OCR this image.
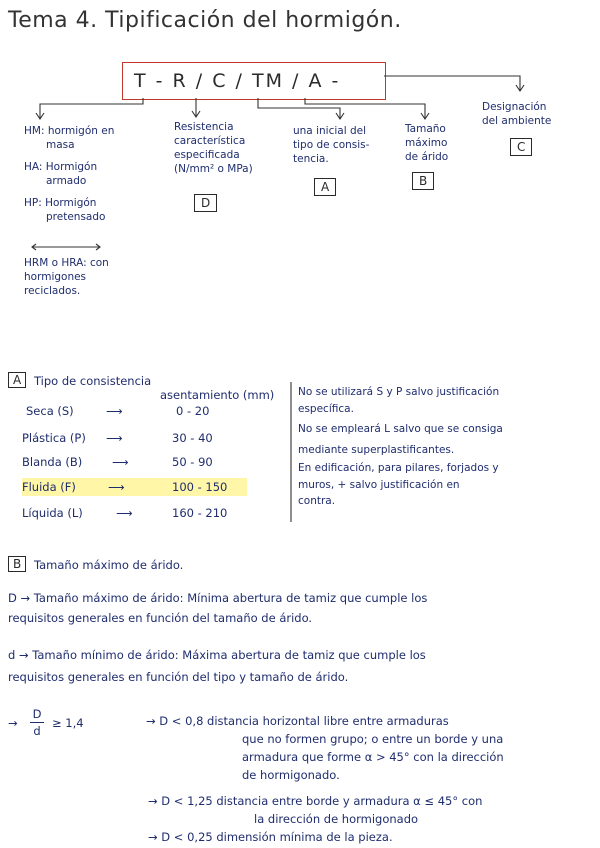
Tema 4. Tipificación del hormigón.
T - R / C / TM / A -
HM: hormigón en
masa
HA: Hormigón
armado
HP: Hormigón
pretensado
HRM o HRA: con
hormigones
reciclados.
Resistencia
característica
especificada
(N/mm² o MPa)
D
una inicial del
tipo de consis-
tencia.
A
Tamaño
máximo
de árido
B
Designación
del ambiente
C
A	Tipo de consistencia
asentamiento (mm)
Seca (S)	⟶	0 - 20
Plástica (P) ⟶	30 - 40
Blanda (B)	⟶	50 - 90
Fluida (F)	⟶	100 - 150
Líquida (L)	⟶	160 - 210
No se utilizará S y P salvo justificación
específica.
No se empleará L salvo que se consiga
mediante superplastificantes.
En edificación, para pilares, forjados y
muros, + salvo justificación en
contra.
B	Tamaño máximo de árido.
D → Tamaño máximo de árido: Mínima abertura de tamiz que cumple los
requisitos generales en función del tamaño de árido.
d → Tamaño mínimo de árido: Máxima abertura de tamiz que cumple los
requisitos generales en función del tipo y tamaño de árido.
→ $\frac{D}{d} \ge 1,4$	→ D < 0,8 distancia horizontal libre entre armaduras
que no formen grupo; o entre un borde y una
armadura que forme α > 45° con la dirección
de hormigonado.
→ D < 1,25 distancia entre borde y armadura α ≤ 45° con
la dirección de hormigonado
→ D < 0,25 dimensión mínima de la pieza.
